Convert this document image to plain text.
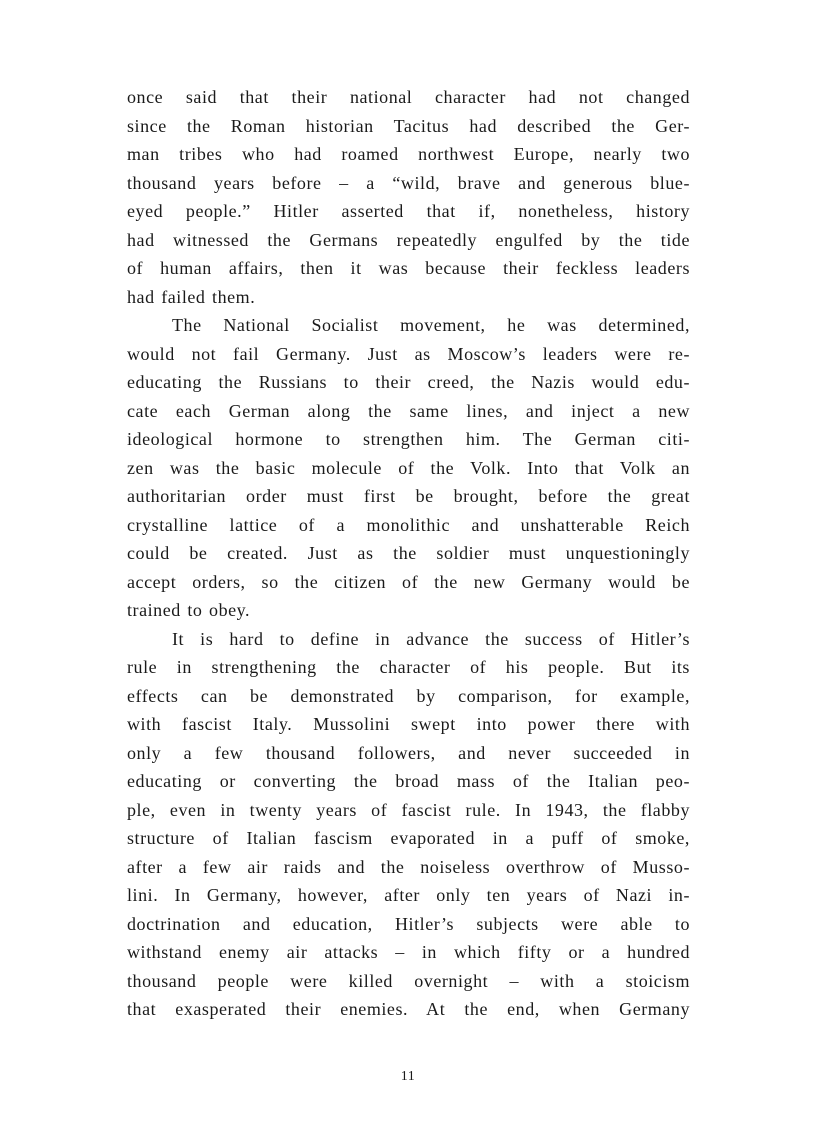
once said that their national character had not changed
since the Roman historian Tacitus had described the Ger-
man tribes who had roamed northwest Europe, nearly two
thousand years before – a “wild, brave and generous blue-
eyed people.” Hitler asserted that if, nonetheless, history
had witnessed the Germans repeatedly engulfed by the tide
of human affairs, then it was because their feckless leaders
had failed them.
The National Socialist movement, he was determined,
would not fail Germany. Just as Moscow’s leaders were re-
educating the Russians to their creed, the Nazis would edu-
cate each German along the same lines, and inject a new
ideological hormone to strengthen him. The German citi-
zen was the basic molecule of the Volk. Into that Volk an
authoritarian order must first be brought, before the great
crystalline lattice of a monolithic and unshatterable Reich
could be created. Just as the soldier must unquestioningly
accept orders, so the citizen of the new Germany would be
trained to obey.
It is hard to define in advance the success of Hitler’s
rule in strengthening the character of his people. But its
effects can be demonstrated by comparison, for example,
with fascist Italy. Mussolini swept into power there with
only a few thousand followers, and never succeeded in
educating or converting the broad mass of the Italian peo-
ple, even in twenty years of fascist rule. In 1943, the flabby
structure of Italian fascism evaporated in a puff of smoke,
after a few air raids and the noiseless overthrow of Musso-
lini. In Germany, however, after only ten years of Nazi in-
doctrination and education, Hitler’s subjects were able to
withstand enemy air attacks – in which fifty or a hundred
thousand people were killed overnight – with a stoicism
that exasperated their enemies. At the end, when Germany
11
